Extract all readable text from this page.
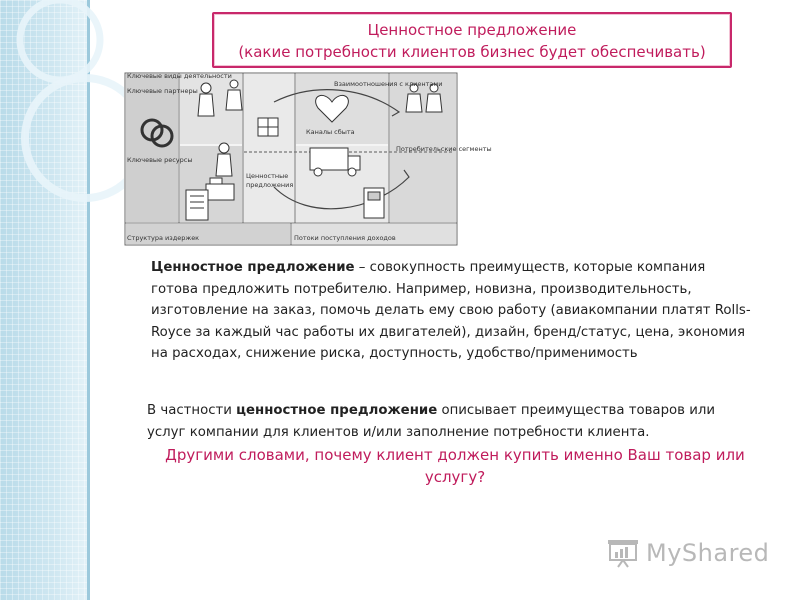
Ценностное предложение
(какие потребности клиентов бизнес будет обеспечивать)
Ключевые виды деятельности
Ключевые партнеры
Ключевые ресурсы
Взаимоотношения с клиентами
Каналы сбыта
Потребительские сегменты
Ценностные
предложения
Структура издержек	Потоки поступления доходов
Ценностное предложение – совокупность преимуществ, которые компания готова предложить потребителю. Например, новизна, производительность, изготовление на заказ, помочь делать ему свою работу (авиакомпании платят Rolls-Royce за каждый час работы их двигателей), дизайн, бренд/статус, цена, экономия на расходах, снижение риска, доступность, удобство/применимость
В частности ценностное предложение описывает преимущества товаров или услуг компании для клиентов и/или заполнение потребности клиента.
Другими словами, почему клиент должен купить именно Ваш товар или услугу?
MyShared
